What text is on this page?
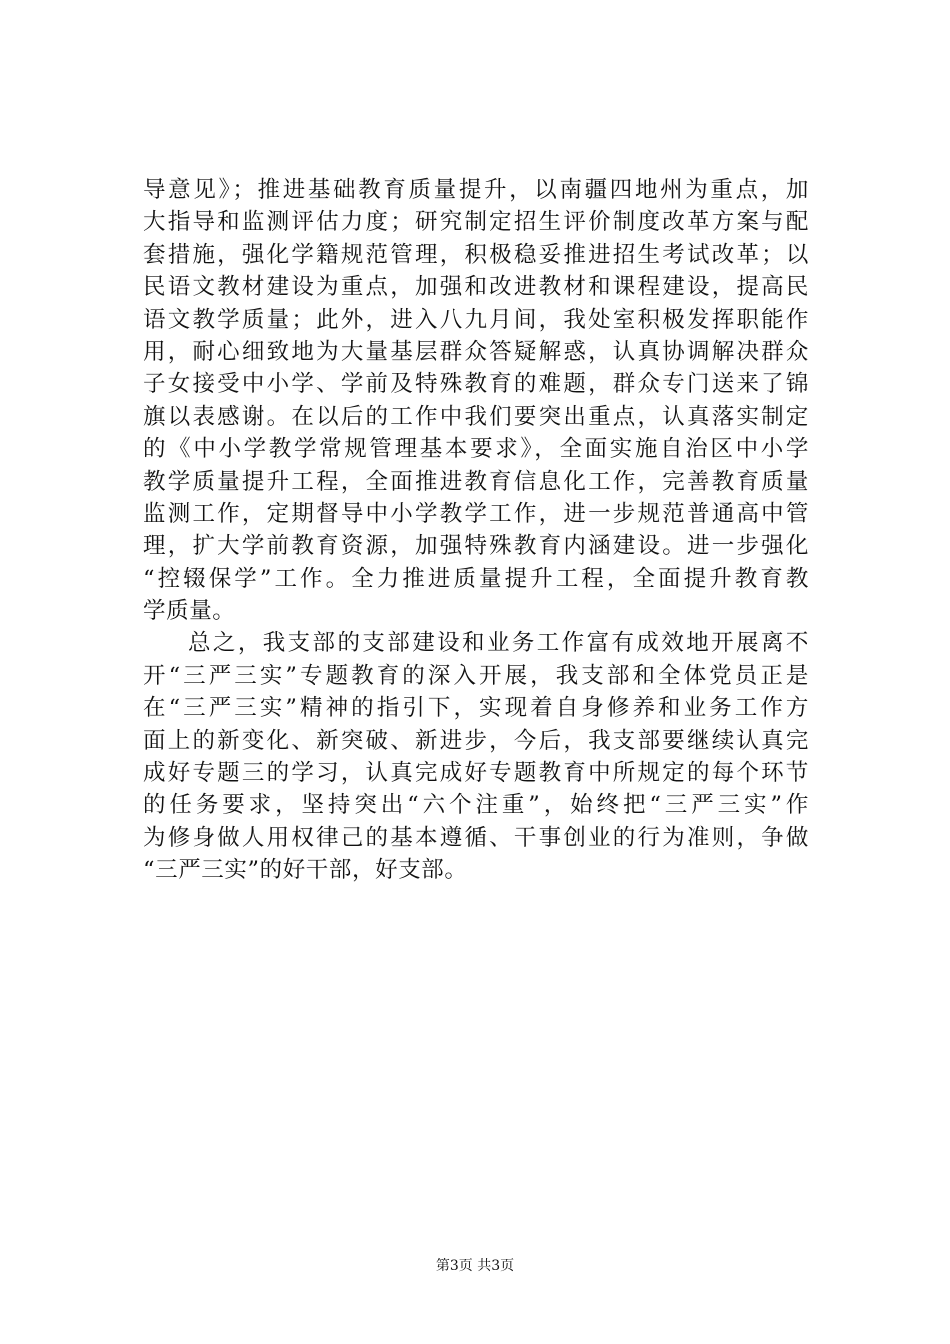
导意见》；推进基础教育质量提升，以南疆四地州为重点，加
大指导和监测评估力度；研究制定招生评价制度改革方案与配
套措施，强化学籍规范管理，积极稳妥推进招生考试改革；以
民语文教材建设为重点，加强和改进教材和课程建设，提高民
语文教学质量；此外，进入八九月间，我处室积极发挥职能作
用，耐心细致地为大量基层群众答疑解惑，认真协调解决群众
子女接受中小学、学前及特殊教育的难题，群众专门送来了锦
旗以表感谢。在以后的工作中我们要突出重点，认真落实制定
的《中小学教学常规管理基本要求》，全面实施自治区中小学
教学质量提升工程，全面推进教育信息化工作，完善教育质量
监测工作，定期督导中小学教学工作，进一步规范普通高中管
理，扩大学前教育资源，加强特殊教育内涵建设。进一步强化
“控辍保学”工作。全力推进质量提升工程，全面提升教育教
学质量。
总之，我支部的支部建设和业务工作富有成效地开展离不
开“三严三实”专题教育的深入开展，我支部和全体党员正是
在“三严三实”精神的指引下，实现着自身修养和业务工作方
面上的新变化、新突破、新进步，今后，我支部要继续认真完
成好专题三的学习，认真完成好专题教育中所规定的每个环节
的任务要求，坚持突出“六个注重”，始终把“三严三实”作
为修身做人用权律己的基本遵循、干事创业的行为准则，争做
“三严三实”的好干部，好支部。
第3页 共3页
